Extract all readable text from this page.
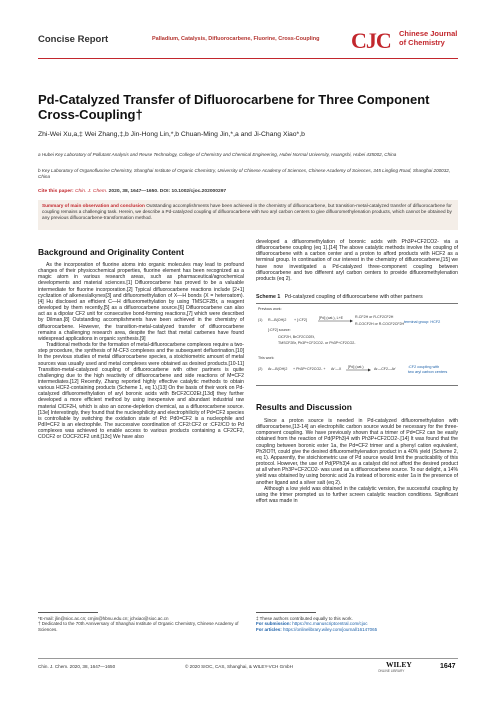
Concise Report	Palladium, Catalysis, Difluorocarbene, Fluorine, Cross-Coupling CJC Chinese Journal
of Chemistry
Pd-Catalyzed Transfer of Difluorocarbene for Three Component Cross-Coupling†
Zhi-Wei Xu,a,‡ Wei Zhang,‡,b Jin-Hong Lin,*,b Chuan-Ming Jin,*,a and Ji-Chang Xiao*,b
a Hubei Key Laboratory of Pollutant Analysis and Reuse Technology, College of Chemistry and Chemical Engineering, Hubei Normal University, Huangshi, Hubei 435002, China
b Key Laboratory of Organofluorine Chemistry, Shanghai Institute of Organic Chemistry, University of Chinese Academy of Sciences, Chinese Academy of Sciences, 345 Lingling Road, Shanghai 200032, China
Cite this paper: Chin. J. Chem. 2020, 38, 1647—1650. DOI: 10.1002/cjoc.202000297
Summary of main observation and conclusion Outstanding accomplishments have been achieved in the chemistry of difluorocarbene, but transition-metal-catalyzed transfer of difluorocarbene for coupling remains a challenging task. Herein, we describe a Pd-catalyzed coupling of difluorocarbene with two aryl carbon centers to give difluoromethylenation products, which cannot be obtained by any previous difluorocarbene-transformation method.
Background and Originality Content

As the incorporation of fluorine atoms into organic molecules may lead to profound changes of their physicochemical properties, fluorine element has been recognized as a magic atom in various research areas, such as pharmaceutical/agrochemical developments and material sciences.[1] Difluorocarbene has proved to be a valuable intermediate for fluorine incorporation.[2] Typical difluorocarbene reactions include [2+1] cyclization of alkenes/alkynes[3] and difluoromethylation of X—H bonds (X = heteroatom).[4] Hu disclosed an efficient C—H difluoromethylation by using TMSCF2Br, a reagent developed by them recently,[5] as a difluorocarbene source.[6] Difluorocarbene can also act as a dipolar CF2 unit for consecutive bond-forming reactions,[7] which were described by Dilman.[8] Outstanding accomplishments have been achieved in the chemistry of difluorocarbene. However, the transition-metal-catalyzed transfer of difluorocarbene remains a challenging research area, despite the fact that metal carbenes have found widespread applications in organic synthesis.[9]

Traditional methods for the formation of metal-difluorocarbene complexes require a two-step procedure, the synthesis of M-CF3 complexes and the subsequent defluorination.[10] In the previous studies of metal difluorocarbene species, a stoichiometric amount of metal sources was usually used and metal complexes were obtained as desired products.[10-11] Transition-metal-catalyzed coupling of difluorocarbene with other partners is quite challenging due to the high reactivity of difluorocarbene and side reactions of M=CF2 intermediates.[12] Recently, Zhang reported highly effective catalytic methods to obtain various HCF2-containing products (Scheme 1, eq 1).[13] On the basis of their work on Pd-catalyzed difluoromethylation of aryl boronic acids with BrCF2CO2Et,[13d] they further developed a more efficient method by using inexpensive and abundant industrial raw material ClCF2H, which is also an ozone-depletion chemical, as a difluorocarbene source.[13e] Interestingly, they found that the nucleophilicity and electrophilicity of Pd=CF2 species is controllable by switching the oxidation state of Pd: Pd0=CF2 is a nucleophile and PdII=CF2 is an electrophile. The successive coordination of :CF2/:CF2 or :CF2/CO to Pd complexes was achieved to enable access to various products containing a CF2CF2, COCF2 or COCF2CF2 unit.[13c] We have also

developed a difluoromethylation of boronic acids with Ph3P+CF2CO2- via a difluorocarbene coupling (eq 1).[14] The above catalytic methods involve the coupling of difluorocarbene with a carbon center and a proton to afford products with HCF2 as a terminal group. In continuation of our interest in the chemistry of difluorocarbene,[15] we have now investigated a Pd-catalyzed three-component coupling between difluorocarbene and two different aryl carbon centers to provide difluoromethylenation products (eq 2).

Scheme 1 Pd-catalyzed coupling of difluorocarbene with other partners
Previous work:
(1) R—B(OH)2 + [:CF2]	[Pd] (cat.), L+E	R-CF2H or R-CF2CF2H
R-COCF2H or R-COCF2CF2H
[:CF2] source:
ClCF2H, BrCF2CO2Et,
TMSCF2Br, Ph3P+CF2CO2- or Ph3P+CF2CO2-
terminal group: HCF2
This work:
(2) Ar—B(OH)2 + Ph3P+CF2CO2- + Ar'—X [Pd] (cat.)	Ar—CF2—Ar'	:CF2 coupling with
two aryl carbon centers
Results and Discussion

Since a proton source is needed in Pd-catalyzed difluoromethylation with difluorocarbene,[13-14] an electrophilic carbon source would be necessary for the three-component coupling. We have previously shown that a trimer of Pd=CF2 can be easily obtained from the reaction of Pd(PPh3)4 with Ph3P+CF2CO2-.[14] It was found that the coupling between boronic ester 1a, the Pd=CF2 trimer and a phenyl cation equivalent, Ph2IOTf, could give the desired difluoromethylenation product in a 40% yield (Scheme 2, eq 1). Apparently, the stoichiometric use of Pd source would limit the practicability of this protocol. However, the use of Pd(PPh3)4 as a catalyst did not afford the desired product at all when Ph3P+CF2CO2- was used as a difluorocarbene source. To our delight, a 14% yield was obtained by using boronic acid 2a instead of boronic ester 1a in the presence of another ligand and a silver salt (eq 2).

Although a low yield was obtained in the catalytic version, the successful coupling by using the trimer prompted us to further screen catalytic reaction conditions. Significant effort was made in

*E-mail: jlin@sioc.ac.cn; cmjin@hbnu.edu.cn; jchxiao@sioc.ac.cn
† Dedicated to the 70th Anniversary of Shanghai Institute of Organic Chemistry, Chinese Academy of Sciences.
‡ These authors contributed equally to this work.
For submission: https://mc.manuscriptcentral.com/cjoc
For articles: https://onlinelibrary.wiley.com/journal/16147065
Chin. J. Chem. 2020, 38, 1647—1650	© 2020 SIOC, CAS, Shanghai, & WILEY-VCH GmbH	WILEY
ONLINE LIBRARY
1647
